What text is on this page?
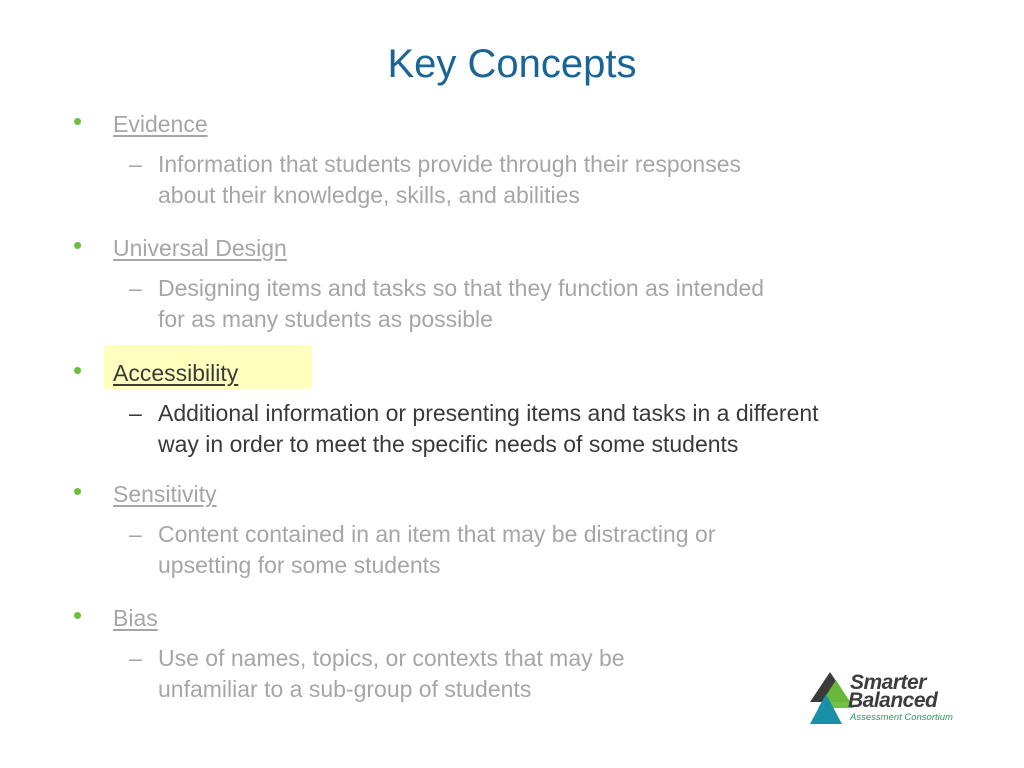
Key Concepts
• Evidence
– Information that students provide through their responses
about their knowledge, skills, and abilities
• Universal Design
– Designing items and tasks so that they function as intended
for as many students as possible
• Accessibility
– Additional information or presenting items and tasks in a different
way in order to meet the specific needs of some students
• Sensitivity
– Content contained in an item that may be distracting or
upsetting for some students
• Bias
– Use of names, topics, or contexts that may be
unfamiliar to a sub-group of students	Smarter
Balanced
Assessment Consortium
